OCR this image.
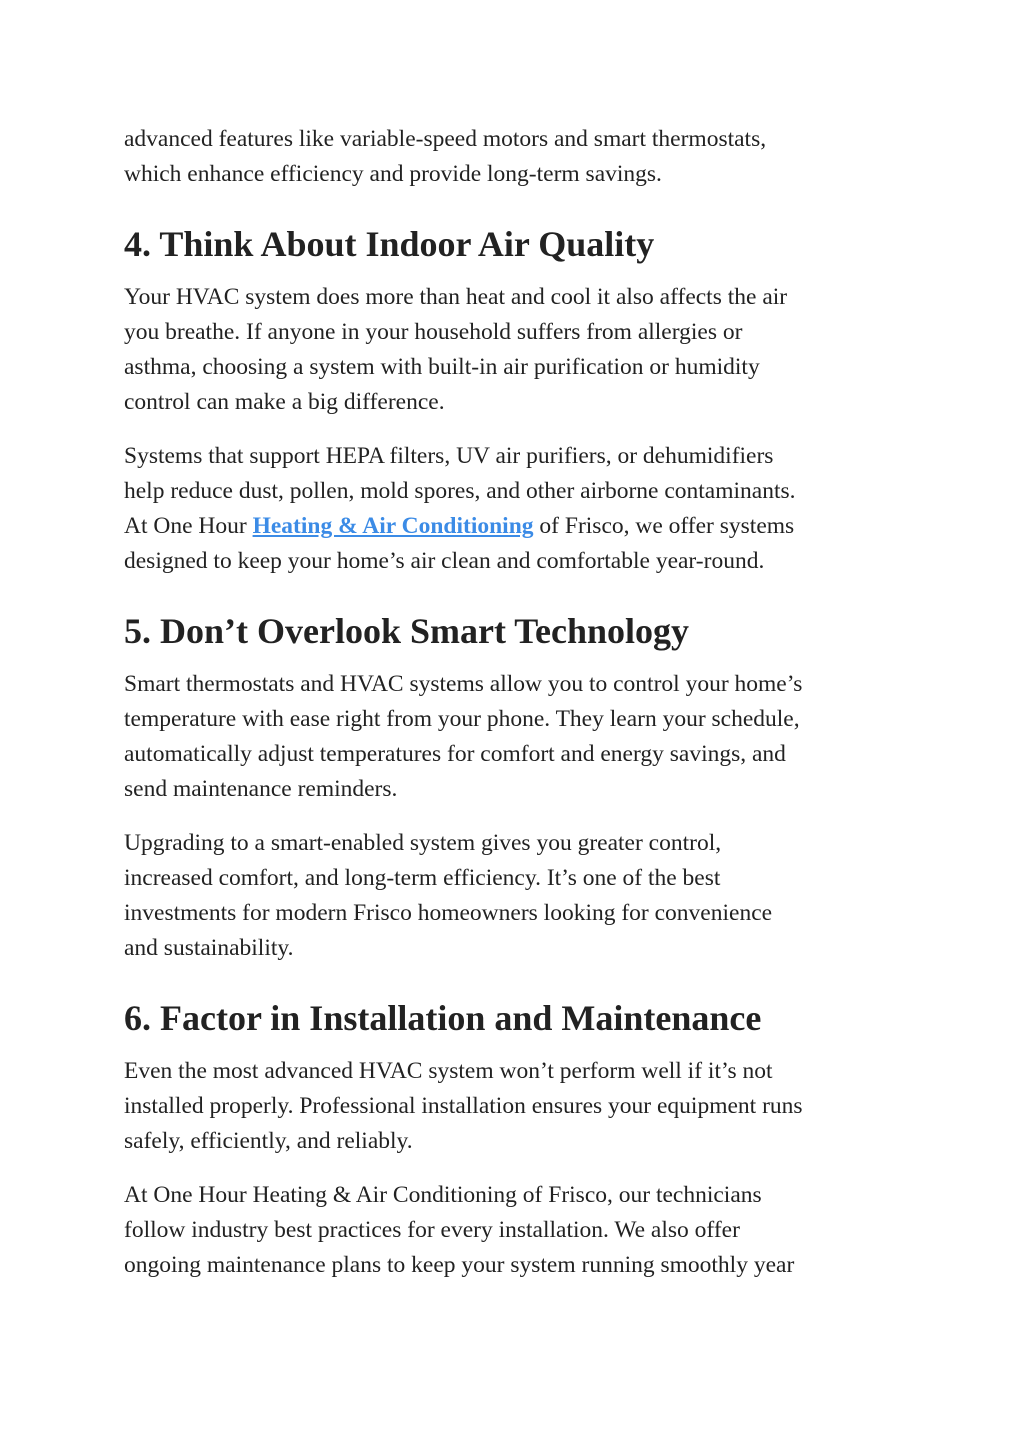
advanced features like variable-speed motors and smart thermostats,
which enhance efficiency and provide long-term savings.

4. Think About Indoor Air Quality

Your HVAC system does more than heat and cool it also affects the air
you breathe. If anyone in your household suffers from allergies or
asthma, choosing a system with built-in air purification or humidity
control can make a big difference.

Systems that support HEPA filters, UV air purifiers, or dehumidifiers
help reduce dust, pollen, mold spores, and other airborne contaminants.
At One Hour Heating & Air Conditioning of Frisco, we offer systems
designed to keep your home’s air clean and comfortable year-round.

5. Don’t Overlook Smart Technology

Smart thermostats and HVAC systems allow you to control your home’s
temperature with ease right from your phone. They learn your schedule,
automatically adjust temperatures for comfort and energy savings, and
send maintenance reminders.

Upgrading to a smart-enabled system gives you greater control,
increased comfort, and long-term efficiency. It’s one of the best
investments for modern Frisco homeowners looking for convenience
and sustainability.

6. Factor in Installation and Maintenance

Even the most advanced HVAC system won’t perform well if it’s not
installed properly. Professional installation ensures your equipment runs
safely, efficiently, and reliably.

At One Hour Heating & Air Conditioning of Frisco, our technicians
follow industry best practices for every installation. We also offer
ongoing maintenance plans to keep your system running smoothly year
